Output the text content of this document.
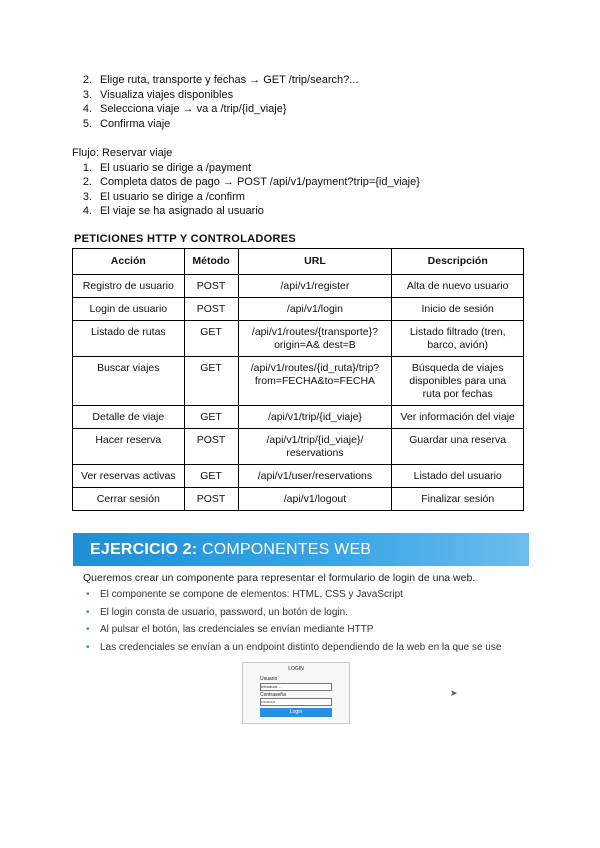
2. Elige ruta, transporte y fechas → GET /trip/search?...
3. Visualiza viajes disponibles
4. Selecciona viaje → va a /trip/{id_viaje}
5. Confirma viaje
Flujo: Reservar viaje
1. El usuario se dirige a /payment
2. Completa datos de pago → POST /api/v1/payment?trip={id_viaje}
3. El usuario se dirige a /confirm
4. El viaje se ha asignado al usuario
PETICIONES HTTP Y CONTROLADORES
Acción	Método	URL	Descripción
Registro de usuario	POST	/api/v1/register	Alta de nuevo usuario
Login de usuario	POST	/api/v1/login	Inicio de sesión
Listado de rutas	GET	/api/v1/routes/{transporte}?
origin=A& dest=B	Listado filtrado (tren,
barco, avión)
Buscar viajes	GET	/api/v1/routes/{id_ruta}/trip?
from=FECHA&to=FECHA	Búsqueda de viajes
disponibles para una
ruta por fechas
Detalle de viaje	GET	/api/v1/trip/{id_viaje}	Ver información del viaje
Hacer reserva	POST	/api/v1/trip/{id_viaje}/
reservations	Guardar una reserva
Ver reservas activas	GET	/api/v1/user/reservations	Listado del usuario
Cerrar sesión	POST	/api/v1/logout	Finalizar sesión
EJERCICIO 2: COMPONENTES WEB
Queremos crear un componente para representar el formulario de login de una web.
• El componente se compone de elementos: HTML, CSS y JavaScript
• El login consta de usuario, password, un botón de login.
• Al pulsar el botón, las credenciales se envían mediante HTTP
• Las credenciales se envían a un endpoint distinto dependiendo de la web en la que se use
LOGIN
Usuario
Introducir...
Contraseña
••••••••••
Login
➤
